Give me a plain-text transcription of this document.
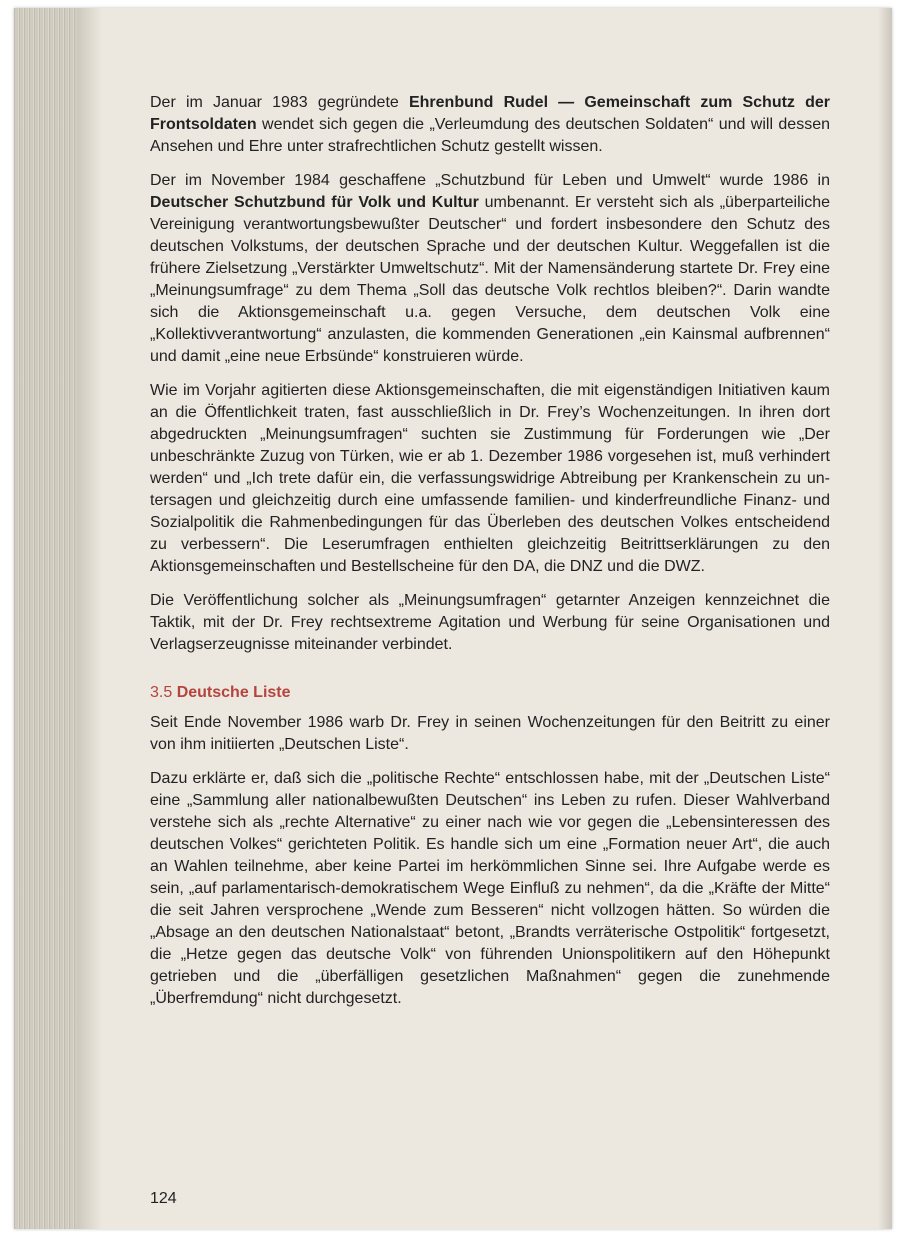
Der im Januar 1983 gegründete Ehrenbund Rudel — Gemeinschaft zum Schutz der Frontsoldaten wendet sich gegen die „Verleumdung des deutschen Soldaten“ und will dessen Ansehen und Ehre unter strafrechtlichen Schutz gestellt wissen.

Der im November 1984 geschaffene „Schutzbund für Leben und Umwelt“ wurde 1986 in Deutscher Schutzbund für Volk und Kultur umbenannt. Er versteht sich als „überparteiliche Vereinigung verantwortungsbewußter Deutscher“ und fordert insbesondere den Schutz des deutschen Volkstums, der deutschen Sprache und der deutschen Kultur. Weggefallen ist die frühere Zielsetzung „Verstärkter Umweltschutz“. Mit der Namensänderung startete Dr. Frey eine „Meinungsumfrage“ zu dem Thema „Soll das deutsche Volk rechtlos bleiben?“. Darin wandte sich die Aktionsgemeinschaft u.a. gegen Versuche, dem deutschen Volk eine „Kollektivverantwortung“ anzulasten, die kommenden Generationen „ein Kainsmal aufbrennen“ und damit „eine neue Erbsünde“ konstruieren würde.

Wie im Vorjahr agitierten diese Aktionsgemeinschaften, die mit eigenständigen Initiativen kaum an die Öffentlichkeit traten, fast ausschließlich in Dr. Frey’s Wochenzeitungen. In ihren dort abgedruckten „Meinungsumfragen“ suchten sie Zustimmung für Forderungen wie „Der unbeschränkte Zuzug von Türken, wie er ab 1. Dezember 1986 vorgesehen ist, muß verhindert werden“ und „Ich trete dafür ein, die verfassungswidrige Abtreibung per Krankenschein zu untersagen und gleichzeitig durch eine umfassende familien- und kinderfreundliche Finanz- und Sozialpolitik die Rahmenbedingungen für das Überleben des deutschen Volkes entscheidend zu verbessern“. Die Leserumfragen enthielten gleichzeitig Beitrittserklärungen zu den Aktionsgemeinschaften und Bestellscheine für den DA, die DNZ und die DWZ.

Die Veröffentlichung solcher als „Meinungsumfragen“ getarnter Anzeigen kennzeichnet die Taktik, mit der Dr. Frey rechtsextreme Agitation und Werbung für seine Organisationen und Verlagserzeugnisse miteinander verbindet.

3.5 Deutsche Liste

Seit Ende November 1986 warb Dr. Frey in seinen Wochenzeitungen für den Beitritt zu einer von ihm initiierten „Deutschen Liste“.

Dazu erklärte er, daß sich die „politische Rechte“ entschlossen habe, mit der „Deutschen Liste“ eine „Sammlung aller nationalbewußten Deutschen“ ins Leben zu rufen. Dieser Wahlverband verstehe sich als „rechte Alternative“ zu einer nach wie vor gegen die „Lebensinteressen des deutschen Volkes“ gerichteten Politik. Es handle sich um eine „Formation neuer Art“, die auch an Wahlen teilnehme, aber keine Partei im herkömmlichen Sinne sei. Ihre Aufgabe werde es sein, „auf parlamentarisch-demokratischem Wege Einfluß zu nehmen“, da die „Kräfte der Mitte“ die seit Jahren versprochene „Wende zum Besseren“ nicht vollzogen hätten. So würden die „Absage an den deutschen Nationalstaat“ betont, „Brandts verräterische Ostpolitik“ fortgesetzt, die „Hetze gegen das deutsche Volk“ von führenden Unionspolitikern auf den Höhepunkt getrieben und die „überfälligen gesetzlichen Maßnahmen“ gegen die zunehmende „Überfremdung“ nicht durchgesetzt.

124
